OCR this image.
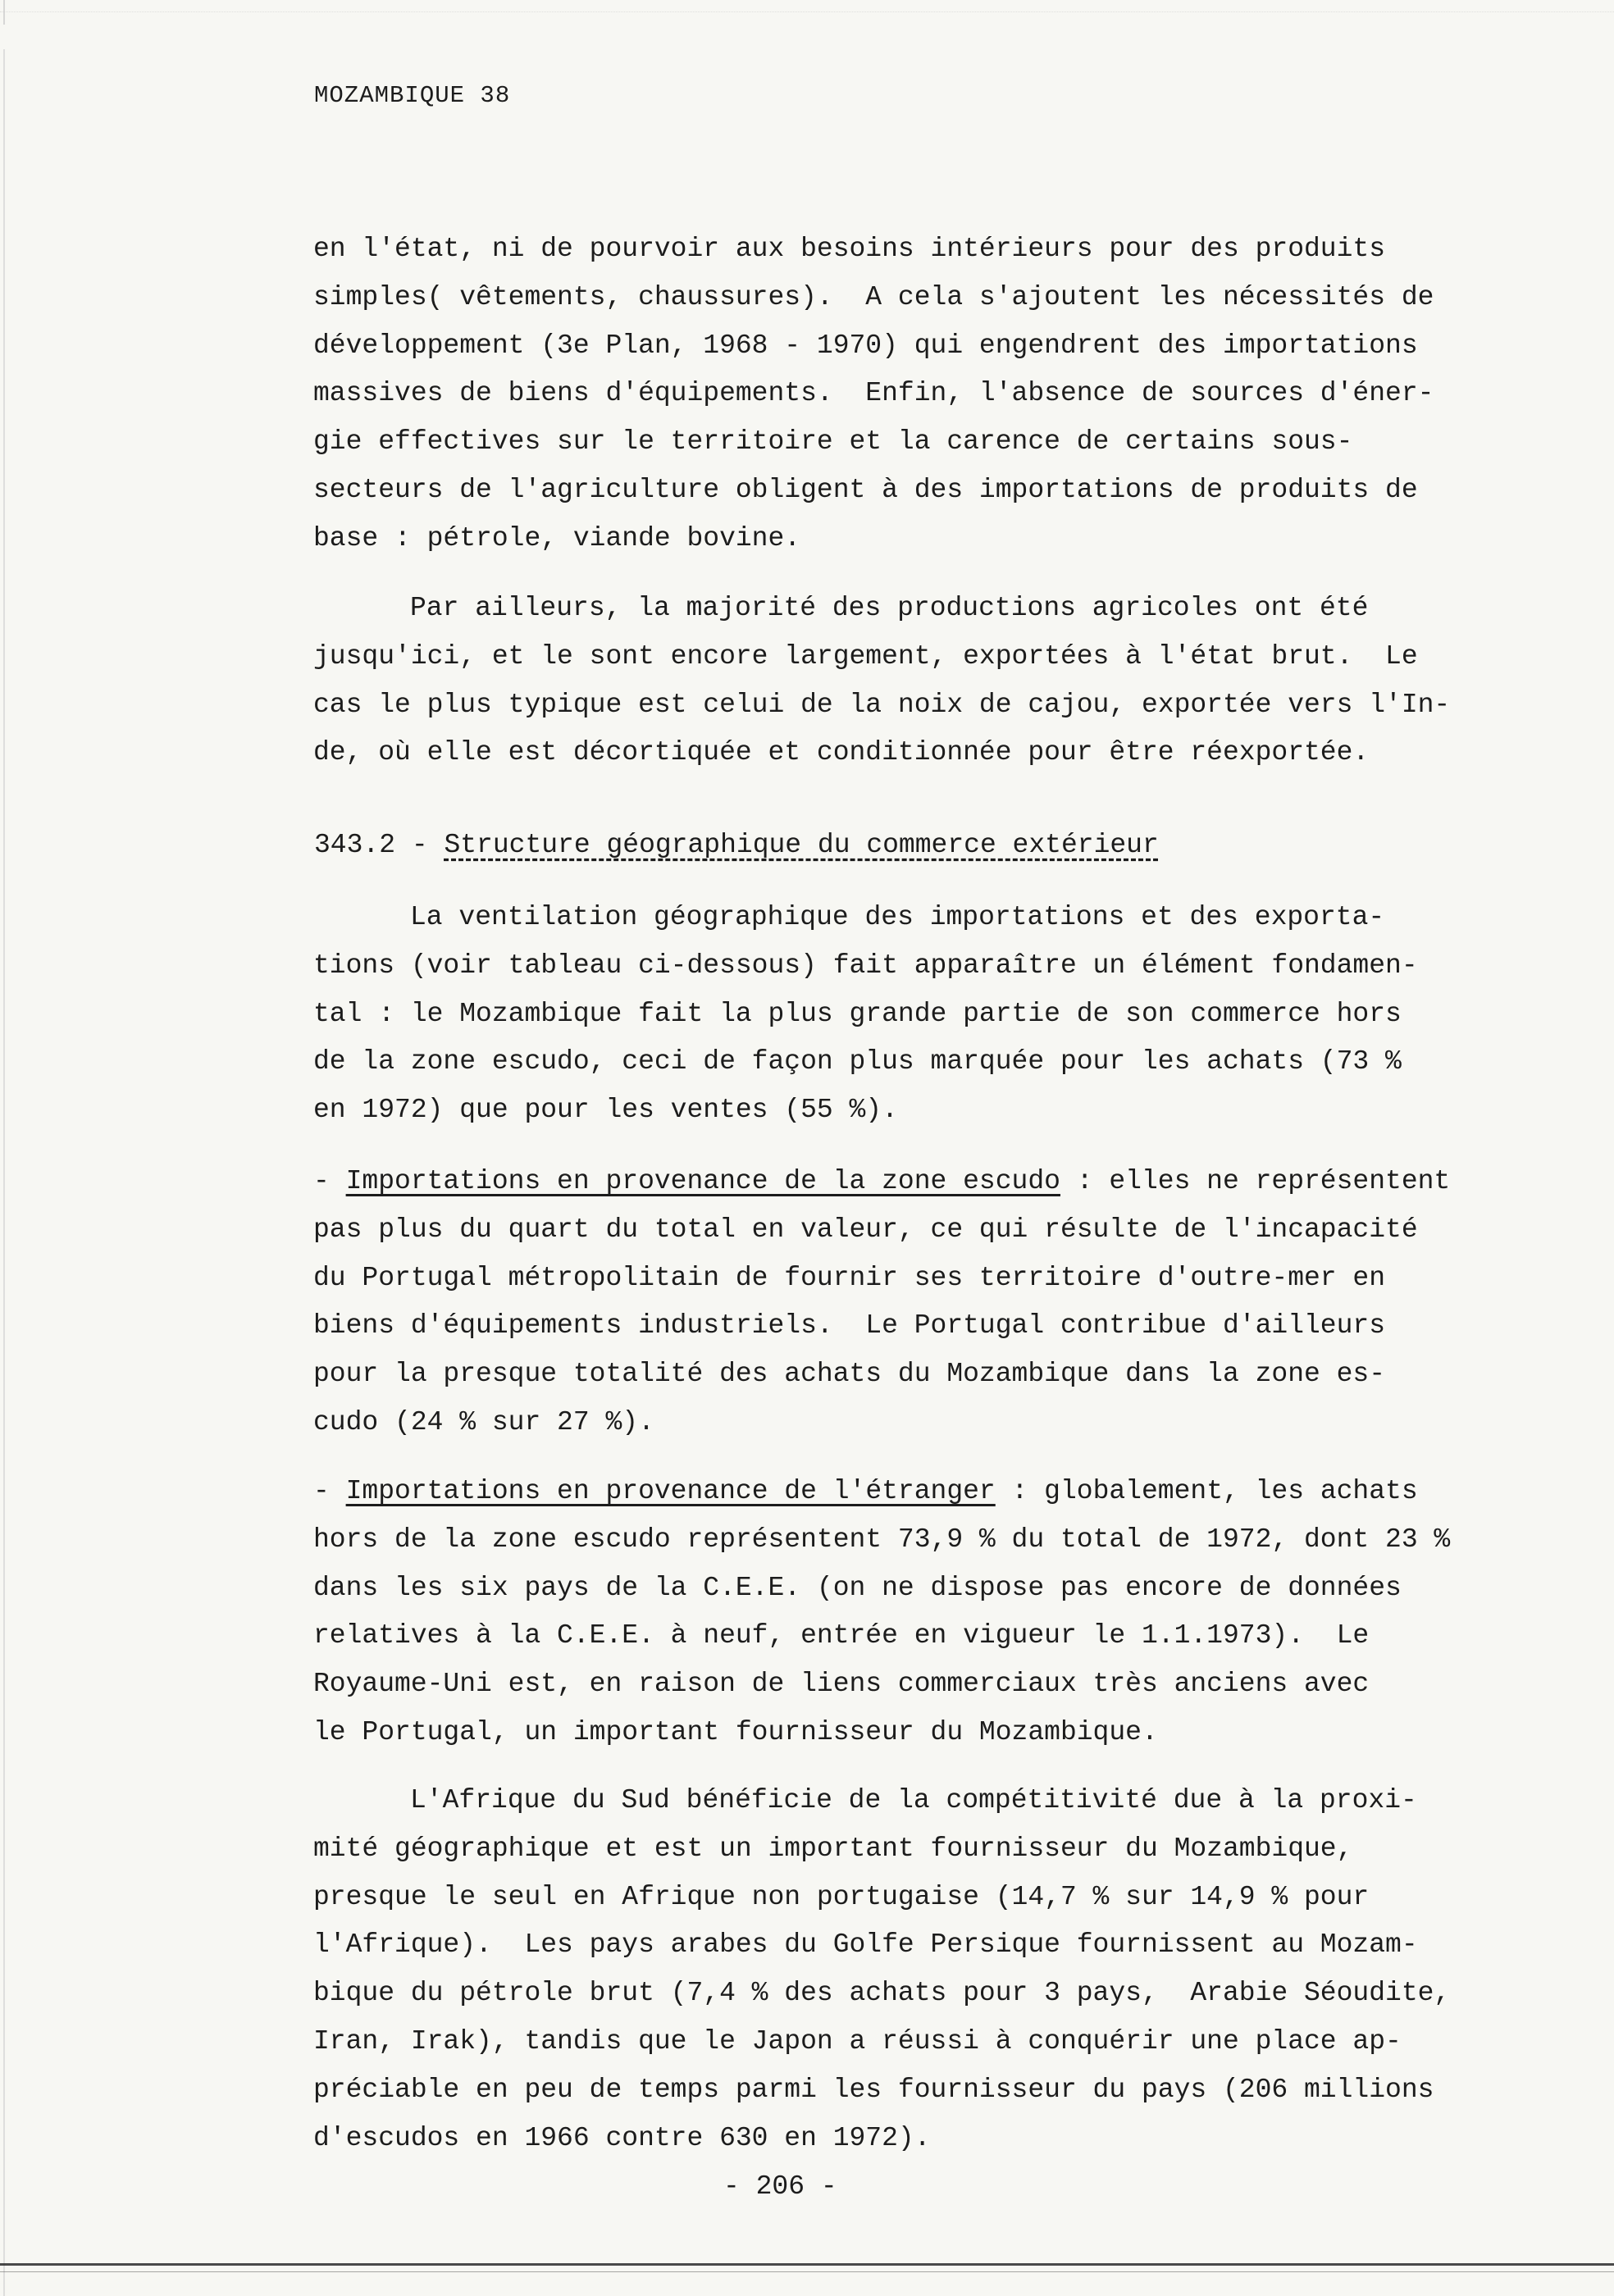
MOZAMBIQUE 38
en l'état, ni de pourvoir aux besoins intérieurs pour des produits
simples( vêtements, chaussures).  A cela s'ajoutent les nécessités de
développement (3e Plan, 1968 - 1970) qui engendrent des importations
massives de biens d'équipements.  Enfin, l'absence de sources d'éner-
gie effectives sur le territoire et la carence de certains sous-
secteurs de l'agriculture obligent à des importations de produits de
base : pétrole, viande bovine.
Par ailleurs, la majorité des productions agricoles ont été
jusqu'ici, et le sont encore largement, exportées à l'état brut.  Le
cas le plus typique est celui de la noix de cajou, exportée vers l'In-
de, où elle est décortiquée et conditionnée pour être réexportée.
343.2 - Structure géographique du commerce extérieur
La ventilation géographique des importations et des exporta-
tions (voir tableau ci-dessous) fait apparaître un élément fondamen-
tal : le Mozambique fait la plus grande partie de son commerce hors
de la zone escudo, ceci de façon plus marquée pour les achats (73 %
en 1972) que pour les ventes (55 %).
- Importations en provenance de la zone escudo : elles ne représentent
pas plus du quart du total en valeur, ce qui résulte de l'incapacité
du Portugal métropolitain de fournir ses territoire d'outre-mer en
biens d'équipements industriels.  Le Portugal contribue d'ailleurs
pour la presque totalité des achats du Mozambique dans la zone es-
cudo (24 % sur 27 %).
- Importations en provenance de l'étranger : globalement, les achats
hors de la zone escudo représentent 73,9 % du total de 1972, dont 23 %
dans les six pays de la C.E.E. (on ne dispose pas encore de données
relatives à la C.E.E. à neuf, entrée en vigueur le 1.1.1973).  Le
Royaume-Uni est, en raison de liens commerciaux très anciens avec
le Portugal, un important fournisseur du Mozambique.
L'Afrique du Sud bénéficie de la compétitivité due à la proxi-
mité géographique et est un important fournisseur du Mozambique,
presque le seul en Afrique non portugaise (14,7 % sur 14,9 % pour
l'Afrique).  Les pays arabes du Golfe Persique fournissent au Mozam-
bique du pétrole brut (7,4 % des achats pour 3 pays,  Arabie Séoudite,
Iran, Irak), tandis que le Japon a réussi à conquérir une place ap-
préciable en peu de temps parmi les fournisseur du pays (206 millions
d'escudos en 1966 contre 630 en 1972).
- 206 -
